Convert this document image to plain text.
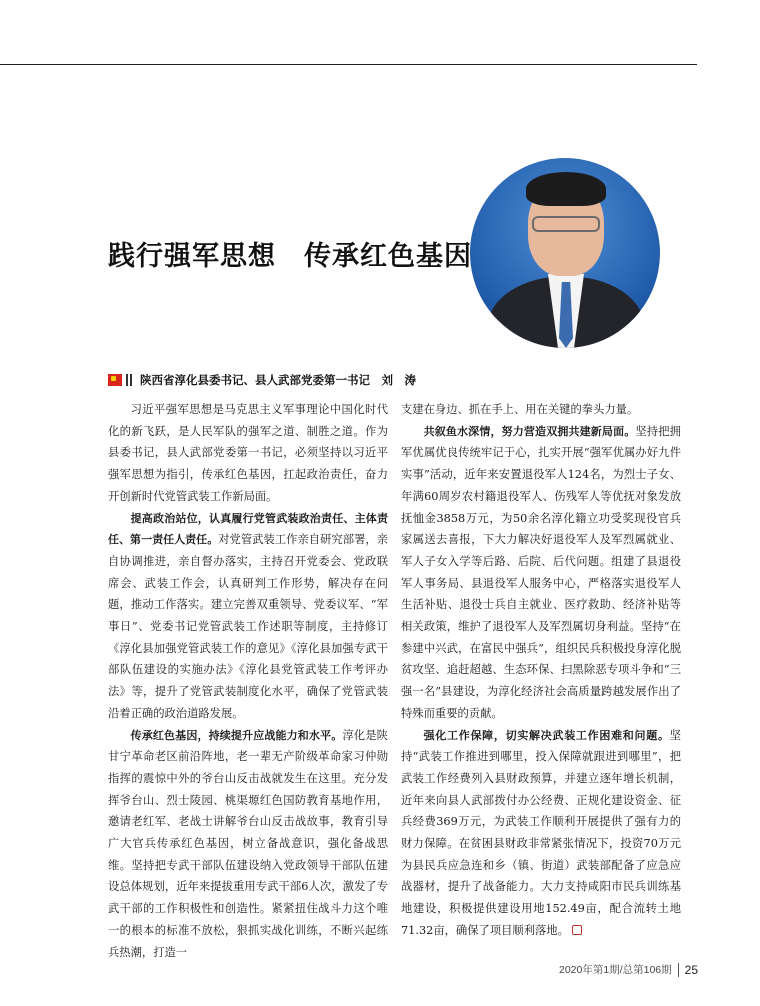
践行强军思想　传承红色基因
陕西省淳化县委书记、县人武部党委第一书记　刘　涛

习近平强军思想是马克思主义军事理论中国化时代化的新飞跃，是人民军队的强军之道、制胜之道。作为县委书记，县人武部党委第一书记，必须坚持以习近平强军思想为指引，传承红色基因，扛起政治责任，奋力开创新时代党管武装工作新局面。

提高政治站位，认真履行党管武装政治责任、主体责任、第一责任人责任。对党管武装工作亲自研究部署，亲自协调推进，亲自督办落实，主持召开党委会、党政联席会、武装工作会，认真研判工作形势，解决存在问题，推动工作落实。建立完善双重领导、党委议军、“军事日”、党委书记党管武装工作述职等制度，主持修订《淳化县加强党管武装工作的意见》《淳化县加强专武干部队伍建设的实施办法》《淳化县党管武装工作考评办法》等，提升了党管武装制度化水平，确保了党管武装沿着正确的政治道路发展。

传承红色基因，持续提升应战能力和水平。淳化是陕甘宁革命老区前沿阵地，老一辈无产阶级革命家习仲勋指挥的震惊中外的爷台山反击战就发生在这里。充分发挥爷台山、烈士陵园、桃渠塬红色国防教育基地作用，邀请老红军、老战士讲解爷台山反击战故事，教育引导广大官兵传承红色基因，树立备战意识，强化备战思维。坚持把专武干部队伍建设纳入党政领导干部队伍建设总体规划，近年来提拔重用专武干部6人次，激发了专武干部的工作积极性和创造性。紧紧扭住战斗力这个唯一的根本的标准不放松，狠抓实战化训练，不断兴起练兵热潮，打造一

支建在身边、抓在手上、用在关键的拳头力量。

共叙鱼水深情，努力营造双拥共建新局面。坚持把拥军优属优良传统牢记于心，扎实开展“强军优属办好九件实事”活动，近年来安置退役军人124名，为烈士子女、年满60周岁农村籍退役军人、伤残军人等优抚对象发放抚恤金3858万元，为50余名淳化籍立功受奖现役官兵家属送去喜报，下大力解决好退役军人及军烈属就业、军人子女入学等后路、后院、后代问题。组建了县退役军人事务局、县退役军人服务中心，严格落实退役军人生活补贴、退役士兵自主就业、医疗救助、经济补贴等相关政策，维护了退役军人及军烈属切身利益。坚持“在参建中兴武，在富民中强兵”，组织民兵积极投身淳化脱贫攻坚、追赶超越、生态环保、扫黑除恶专项斗争和“三强一名”县建设，为淳化经济社会高质量跨越发展作出了特殊而重要的贡献。

强化工作保障，切实解决武装工作困难和问题。坚持“武装工作推进到哪里，投入保障就跟进到哪里”，把武装工作经费列入县财政预算，并建立逐年增长机制，近年来向县人武部拨付办公经费、正规化建设资金、征兵经费369万元，为武装工作顺利开展提供了强有力的财力保障。在贫困县财政非常紧张情况下，投资70万元为县民兵应急连和乡（镇、街道）武装部配备了应急应战器材，提升了战备能力。大力支持咸阳市民兵训练基地建设，积极提供建设用地152.49亩，配合流转土地71.32亩，确保了项目顺利落地。

2020年第1期/总第106期 25
